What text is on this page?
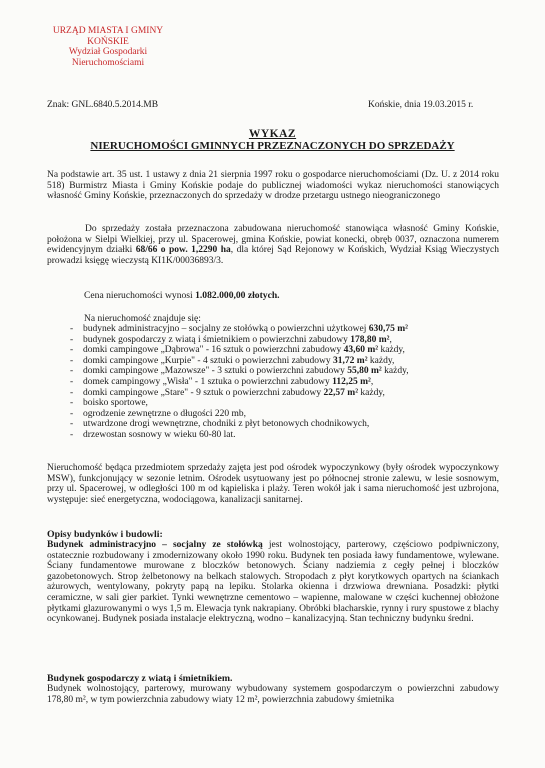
URZĄD MIASTA I GMINY
KOŃSKIE
Wydział Gospodarki
Nieruchomościami
Znak: GNL.6840.5.2014.MB	Końskie, dnia 19.03.2015 r.
WYKAZ
NIERUCHOMOŚCI GMINNYCH PRZEZNACZONYCH DO SPRZEDAŻY
Na podstawie art. 35 ust. 1 ustawy z dnia 21 sierpnia 1997 roku o gospodarce nieruchomościami (Dz. U. z 2014 roku 518) Burmistrz Miasta i Gminy Końskie podaje do publicznej wiadomości wykaz nieruchomości stanowiących własność Gminy Końskie, przeznaczonych do sprzedaży w drodze przetargu ustnego nieograniczonego
Do sprzedaży została przeznaczona zabudowana nieruchomość stanowiąca własność Gminy Końskie, położona w Sielpi Wielkiej, przy ul. Spacerowej, gmina Końskie, powiat konecki, obręb 0037, oznaczona numerem ewidencyjnym działki 68/66 o pow. 1,2290 ha, dla której Sąd Rejonowy w Końskich, Wydział Ksiąg Wieczystych prowadzi księgę wieczystą KI1K/00036893/3.
Cena nieruchomości wynosi 1.082.000,00 złotych.
Na nieruchomość znajduje się:
- budynek administracyjno – socjalny ze stołówką o powierzchni użytkowej 630,75 m²
- budynek gospodarczy z wiatą i śmietnikiem o powierzchni zabudowy 178,80 m²,
- domki campingowe „Dąbrowa" - 16 sztuk o powierzchni zabudowy 43,60 m² każdy,
- domki campingowe „Kurpie" - 4 sztuki o powierzchni zabudowy 31,72 m² każdy,
- domki campingowe „Mazowsze" - 3 sztuki o powierzchni zabudowy 55,80 m² każdy,
- domek campingowy „Wisła" - 1 sztuka o powierzchni zabudowy 112,25 m²,
- domki campingowe „Stare" - 9 sztuk o powierzchni zabudowy 22,57 m² każdy,
- boisko sportowe,
- ogrodzenie zewnętrzne o długości 220 mb,
- utwardzone drogi wewnętrzne, chodniki z płyt betonowych chodnikowych,
- drzewostan sosnowy w wieku 60-80 lat.
Nieruchomość będąca przedmiotem sprzedaży zajęta jest pod ośrodek wypoczynkowy (były ośrodek wypoczynkowy MSW), funkcjonujący w sezonie letnim. Ośrodek usytuowany jest po północnej stronie zalewu, w lesie sosnowym, przy ul. Spacerowej, w odległości 100 m od kąpieliska i plaży. Teren wokół jak i sama nieruchomość jest uzbrojona, występuje: sieć energetyczna, wodociągowa, kanalizacji sanitarnej.
Opisy budynków i budowli:
Budynek administracyjno – socjalny ze stołówką jest wolnostojący, parterowy, częściowo podpiwniczony, ostatecznie rozbudowany i zmodernizowany około 1990 roku. Budynek ten posiada ławy fundamentowe, wylewane. Ściany fundamentowe murowane z bloczków betonowych. Ściany nadziemia z cegły pełnej i bloczków gazobetonowych. Strop żelbetonowy na belkach stalowych. Stropodach z płyt korytkowych opartych na ściankach ażurowych, wentylowany, pokryty papą na lepiku. Stolarka okienna i drzwiowa drewniana. Posadzki: płytki ceramiczne, w sali gier parkiet. Tynki wewnętrzne cementowo – wapienne, malowane w części kuchennej obłożone płytkami glazurowanymi o wys 1,5 m. Elewacja tynk nakrapiany. Obróbki blacharskie, rynny i rury spustowe z blachy ocynkowanej. Budynek posiada instalacje elektryczną, wodno – kanalizacyjną. Stan techniczny budynku średni.
Budynek gospodarczy z wiatą i śmietnikiem.
Budynek wolnostojący, parterowy, murowany wybudowany systemem gospodarczym o powierzchni zabudowy 178,80 m², w tym powierzchnia zabudowy wiaty 12 m², powierzchnia zabudowy śmietnika
